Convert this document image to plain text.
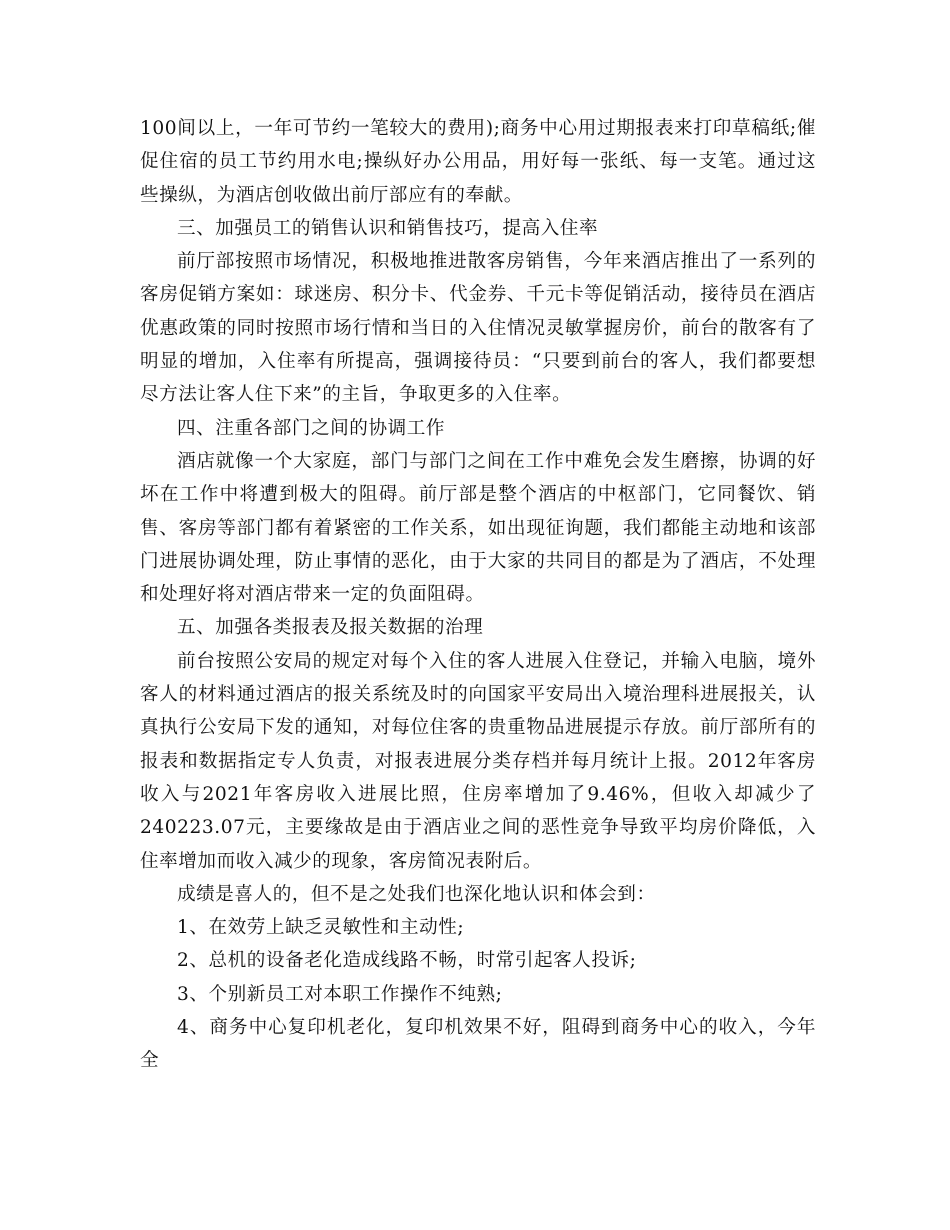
100间以上，一年可节约一笔较大的费用);商务中心用过期报表来打印草稿纸;催促住宿的员工节约用水电;操纵好办公用品，用好每一张纸、每一支笔。通过这些操纵，为酒店创收做出前厅部应有的奉献。

三、加强员工的销售认识和销售技巧，提高入住率

前厅部按照市场情况，积极地推进散客房销售，今年来酒店推出了一系列的客房促销方案如：球迷房、积分卡、代金券、千元卡等促销活动，接待员在酒店优惠政策的同时按照市场行情和当日的入住情况灵敏掌握房价，前台的散客有了明显的增加，入住率有所提高，强调接待员：“只要到前台的客人，我们都要想尽方法让客人住下来”的主旨，争取更多的入住率。

四、注重各部门之间的协调工作

酒店就像一个大家庭，部门与部门之间在工作中难免会发生磨擦，协调的好坏在工作中将遭到极大的阻碍。前厅部是整个酒店的中枢部门，它同餐饮、销售、客房等部门都有着紧密的工作关系，如出现征询题，我们都能主动地和该部门进展协调处理，防止事情的恶化，由于大家的共同目的都是为了酒店，不处理和处理好将对酒店带来一定的负面阻碍。

五、加强各类报表及报关数据的治理

前台按照公安局的规定对每个入住的客人进展入住登记，并输入电脑，境外客人的材料通过酒店的报关系统及时的向国家平安局出入境治理科进展报关，认真执行公安局下发的通知，对每位住客的贵重物品进展提示存放。前厅部所有的报表和数据指定专人负责，对报表进展分类存档并每月统计上报。2012年客房收入与2021年客房收入进展比照，住房率增加了9.46%，但收入却减少了240223.07元，主要缘故是由于酒店业之间的恶性竞争导致平均房价降低，入住率增加而收入减少的现象，客房简况表附后。

成绩是喜人的，但不是之处我们也深化地认识和体会到：

1、在效劳上缺乏灵敏性和主动性;

2、总机的设备老化造成线路不畅，时常引起客人投诉;

3、个别新员工对本职工作操作不纯熟;

4、商务中心复印机老化，复印机效果不好，阻碍到商务中心的收入，今年全
